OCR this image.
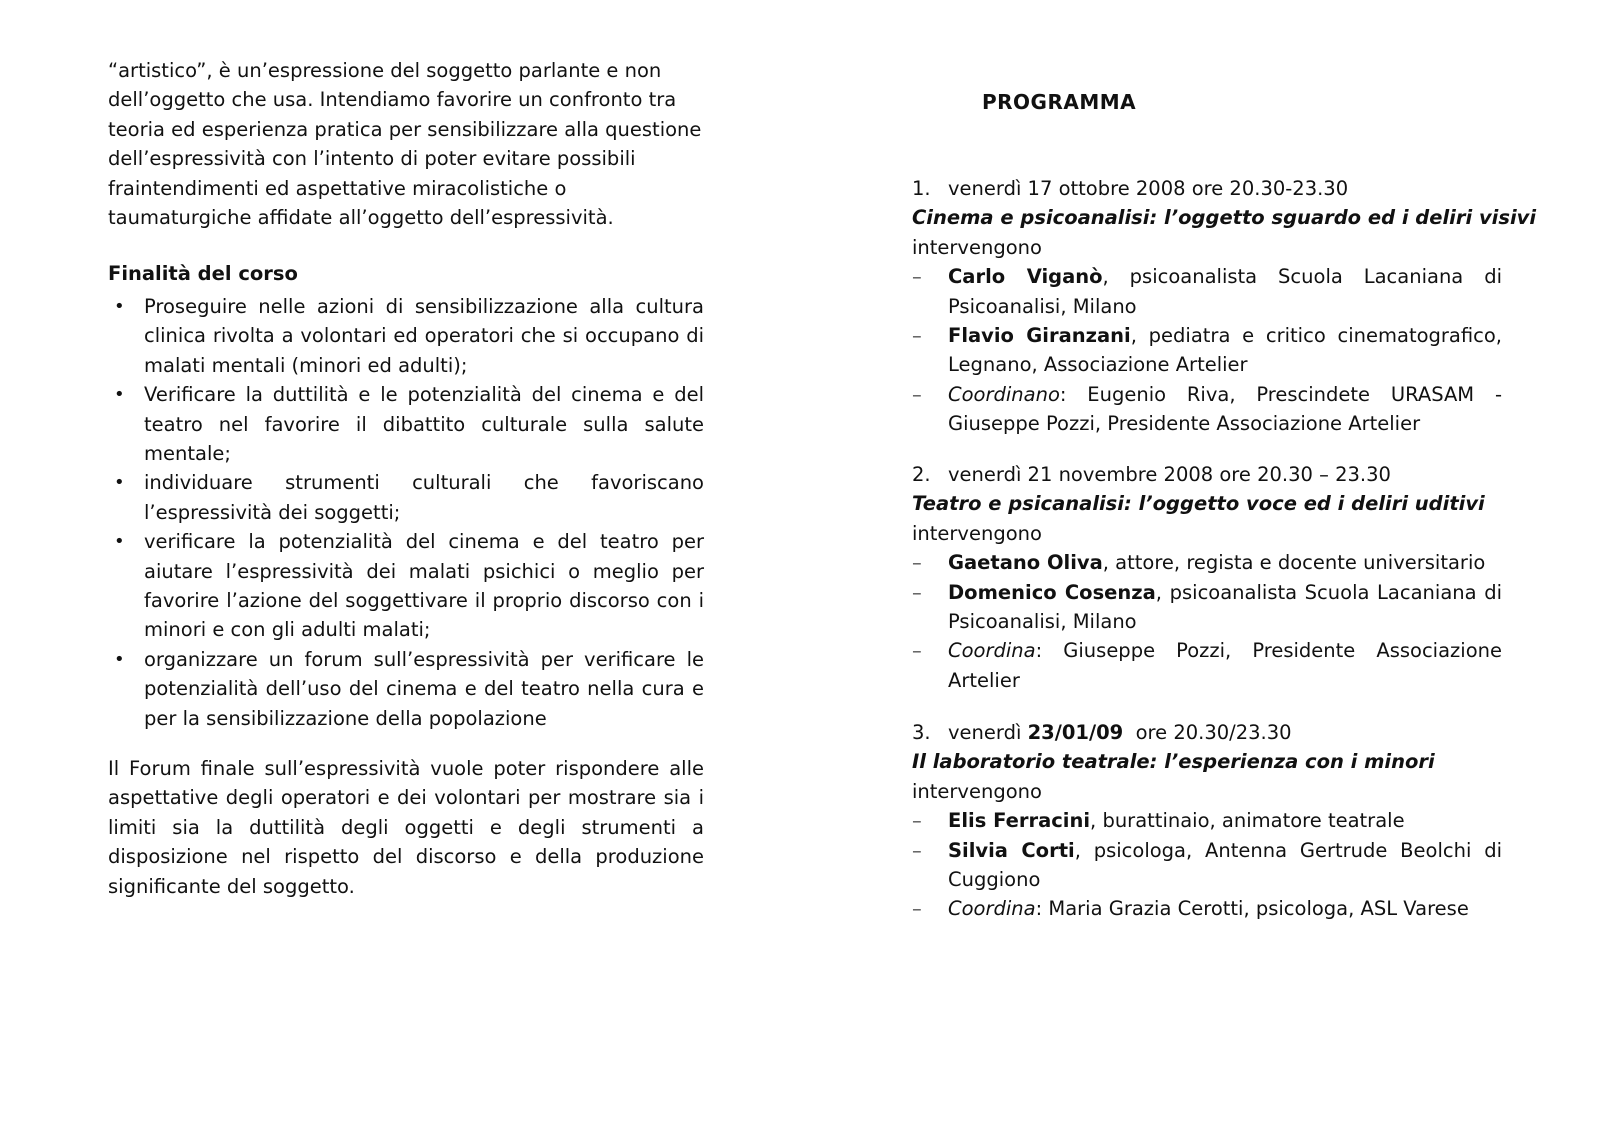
“artistico”, è un’espressione del soggetto parlante e non
dell’oggetto che usa. Intendiamo favorire un confronto tra
teoria ed esperienza pratica per sensibilizzare alla questione
dell’espressività con l’intento di poter evitare possibili
fraintendimenti ed aspettative miracolistiche o
taumaturgiche affidate all’oggetto dell’espressività.

Finalità del corso
• Proseguire nelle azioni di sensibilizzazione alla cultura clinica rivolta a volontari ed operatori che si occupano di malati mentali (minori ed adulti);
• Verificare la duttilità e le potenzialità del cinema e del teatro nel favorire il dibattito culturale sulla salute mentale;
• individuare strumenti culturali che favoriscano l’espressività dei soggetti;
• verificare la potenzialità del cinema e del teatro per aiutare l’espressività dei malati psichici o meglio per favorire l’azione del soggettivare il proprio discorso con i minori e con gli adulti malati;
• organizzare un forum sull’espressività per verificare le potenzialità dell’uso del cinema e del teatro nella cura e per la sensibilizzazione della popolazione

Il Forum finale sull’espressività vuole poter rispondere alle aspettative degli operatori e dei volontari per mostrare sia i limiti sia la duttilità degli oggetti e degli strumenti a disposizione nel rispetto del discorso e della produzione significante del soggetto.

PROGRAMMA
1. venerdì 17 ottobre 2008 ore 20.30-23.30
Cinema e psicoanalisi: l’oggetto sguardo ed i deliri visivi
intervengono
– Carlo Viganò, psicoanalista Scuola Lacaniana di Psicoanalisi, Milano
– Flavio Giranzani, pediatra e critico cinematografico, Legnano, Associazione Artelier
– Coordinano: Eugenio Riva, Prescindete URASAM - Giuseppe Pozzi, Presidente Associazione Artelier
2. venerdì 21 novembre 2008 ore 20.30 – 23.30
Teatro e psicanalisi: l’oggetto voce ed i deliri uditivi
intervengono
– Gaetano Oliva, attore, regista e docente universitario
– Domenico Cosenza, psicoanalista Scuola Lacaniana di Psicoanalisi, Milano
– Coordina: Giuseppe Pozzi, Presidente Associazione Artelier
3. venerdì 23/01/09  ore 20.30/23.30
Il laboratorio teatrale: l’esperienza con i minori
intervengono
– Elis Ferracini, burattinaio, animatore teatrale
– Silvia Corti, psicologa, Antenna Gertrude Beolchi di Cuggiono
– Coordina: Maria Grazia Cerotti, psicologa, ASL Varese
